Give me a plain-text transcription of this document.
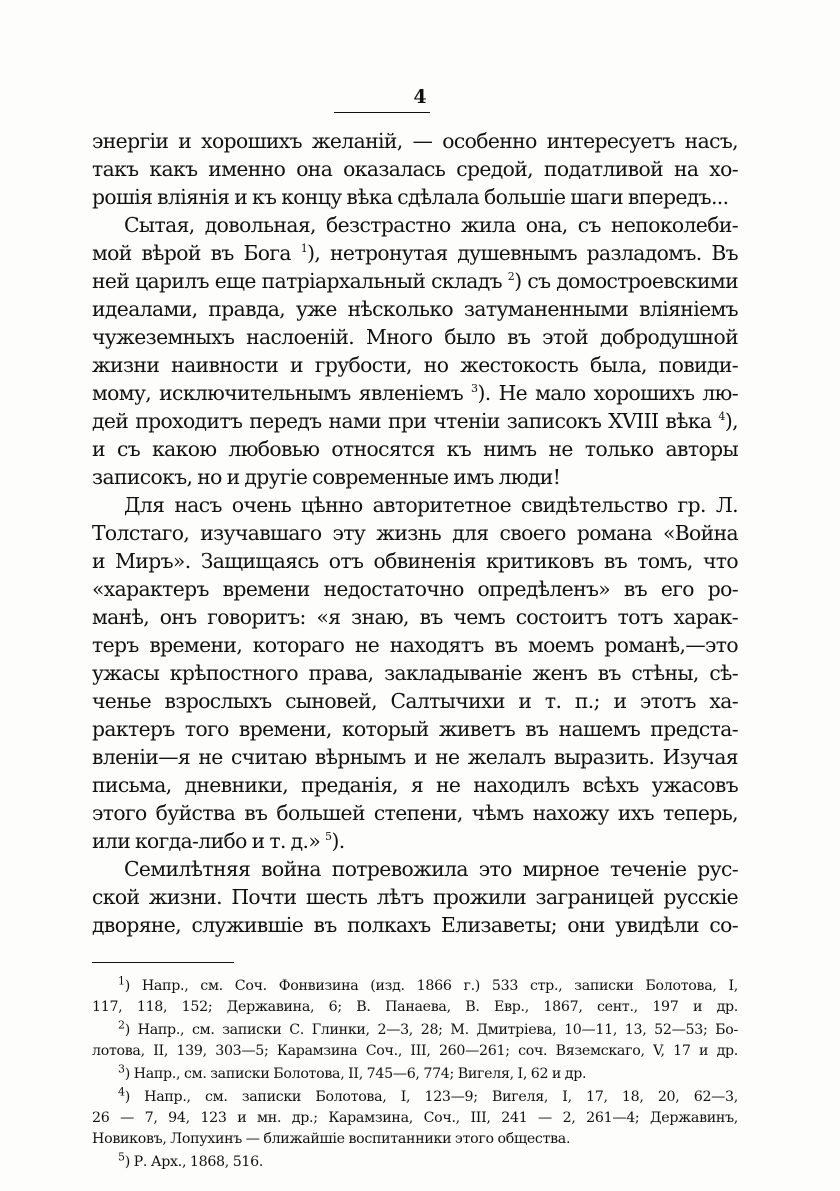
4
энергіи и хорошихъ желаній, — особенно интересуетъ насъ,
такъ какъ именно она оказалась средой, податливой на хо-
рошія вліянія и къ концу вѣка сдѣлала большіе шаги впередъ...
Сытая, довольная, безстрастно жила она, съ непоколеби-
мой вѣрой въ Бога $^1$), нетронутая душевнымъ разладомъ. Въ
ней царилъ еще патріархальный складъ $^2$) съ домостроевскими
идеалами, правда, уже нѣсколько затуманенными вліяніемъ
чужеземныхъ наслоеній. Много было въ этой добродушной
жизни наивности и грубости, но жестокость была, повиди-
мому, исключительнымъ явленіемъ $^3$). Не мало хорошихъ лю-
дей проходитъ передъ нами при чтеніи записокъ XVIII вѣка $^4$),
и съ какою любовью относятся къ нимъ не только авторы
записокъ, но и другіе современные имъ люди!
Для насъ очень цѣнно авторитетное свидѣтельство гр. Л.
Толстаго, изучавшаго эту жизнь для своего романа «Война
и Миръ». Защищаясь отъ обвиненія критиковъ въ томъ, что
«характеръ времени недостаточно опредѣленъ» въ его ро-
манѣ, онъ говоритъ: «я знаю, въ чемъ состоитъ тотъ харак-
теръ времени, котораго не находятъ въ моемъ романѣ,—это
ужасы крѣпостного права, закладываніе женъ въ стѣны, сѣ-
ченье взрослыхъ сыновей, Салтычихи и т. п.; и этотъ ха-
рактеръ того времени, который живетъ въ нашемъ предста-
вленіи—я не считаю вѣрнымъ и не желалъ выразить. Изучая
письма, дневники, преданія, я не находилъ всѣхъ ужасовъ
этого буйства въ большей степени, чѣмъ нахожу ихъ теперь,
или когда-либо и т. д.» $^5$).
Семилѣтняя война потревожила это мирное теченіе рус-
ской жизни. Почти шесть лѣтъ прожили заграницей русскіе
дворяне, служившіе въ полкахъ Елизаветы; они увидѣли со-
$^1$) Напр., см. Соч. Фонвизина (изд. 1866 г.) 533 стр., записки Болотова, I,
117, 118, 152; Державина, 6; В. Панаева, В. Евр., 1867, сент., 197 и др.
$^2$) Напр., см. записки С. Глинки, 2—3, 28; М. Дмитріева, 10—11, 13, 52—53; Бо-
лотова, II, 139, 303—5; Карамзина Соч., III, 260—261; соч. Вяземскаго, V, 17 и др.
$^3$) Напр., см. записки Болотова, II, 745—6, 774; Вигеля, I, 62 и др.
$^4$) Напр., см. записки Болотова, I, 123—9; Вигеля, I, 17, 18, 20, 62—3,
26 — 7, 94, 123 и мн. др.; Карамзина, Соч., III, 241 — 2, 261—4; Державинъ,
Новиковъ, Лопухинъ — ближайшіе воспитанники этого общества.
$^5$) Р. Арх., 1868, 516.
